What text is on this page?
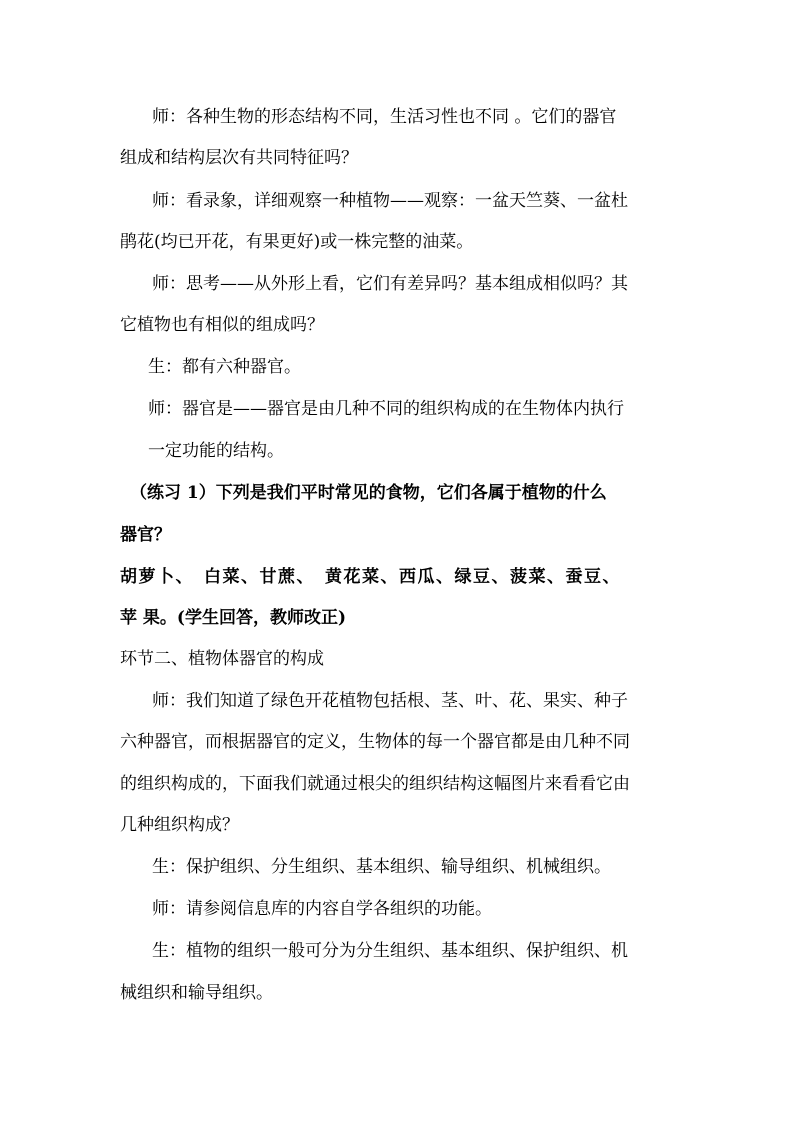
师：各种生物的形态结构不同，生活习性也不同 。它们的器官
组成和结构层次有共同特征吗？
师：看录象，详细观察一种植物——观察：一盆天竺葵、一盆杜
鹃花(均已开花，有果更好)或一株完整的油菜。
师：思考——从外形上看，它们有差异吗？基本组成相似吗？其
它植物也有相似的组成吗？
生：都有六种器官。
师：器官是——器官是由几种不同的组织构成的在生物体内执行
一定功能的结构。
（练习 1）下列是我们平时常见的食物，它们各属于植物的什么
器官？
胡萝卜、　白菜、甘蔗、　黄花菜、西瓜、绿豆、菠菜、蚕豆、
苹 果。(学生回答，教师改正)
环节二、植物体器官的构成
师：我们知道了绿色开花植物包括根、茎、叶、花、果实、种子
六种器官，而根据器官的定义，生物体的每一个器官都是由几种不同
的组织构成的，下面我们就通过根尖的组织结构这幅图片来看看它由
几种组织构成？
生：保护组织、分生组织、基本组织、输导组织、机械组织。
师：请参阅信息库的内容自学各组织的功能。
生：植物的组织一般可分为分生组织、基本组织、保护组织、机
械组织和输导组织。
